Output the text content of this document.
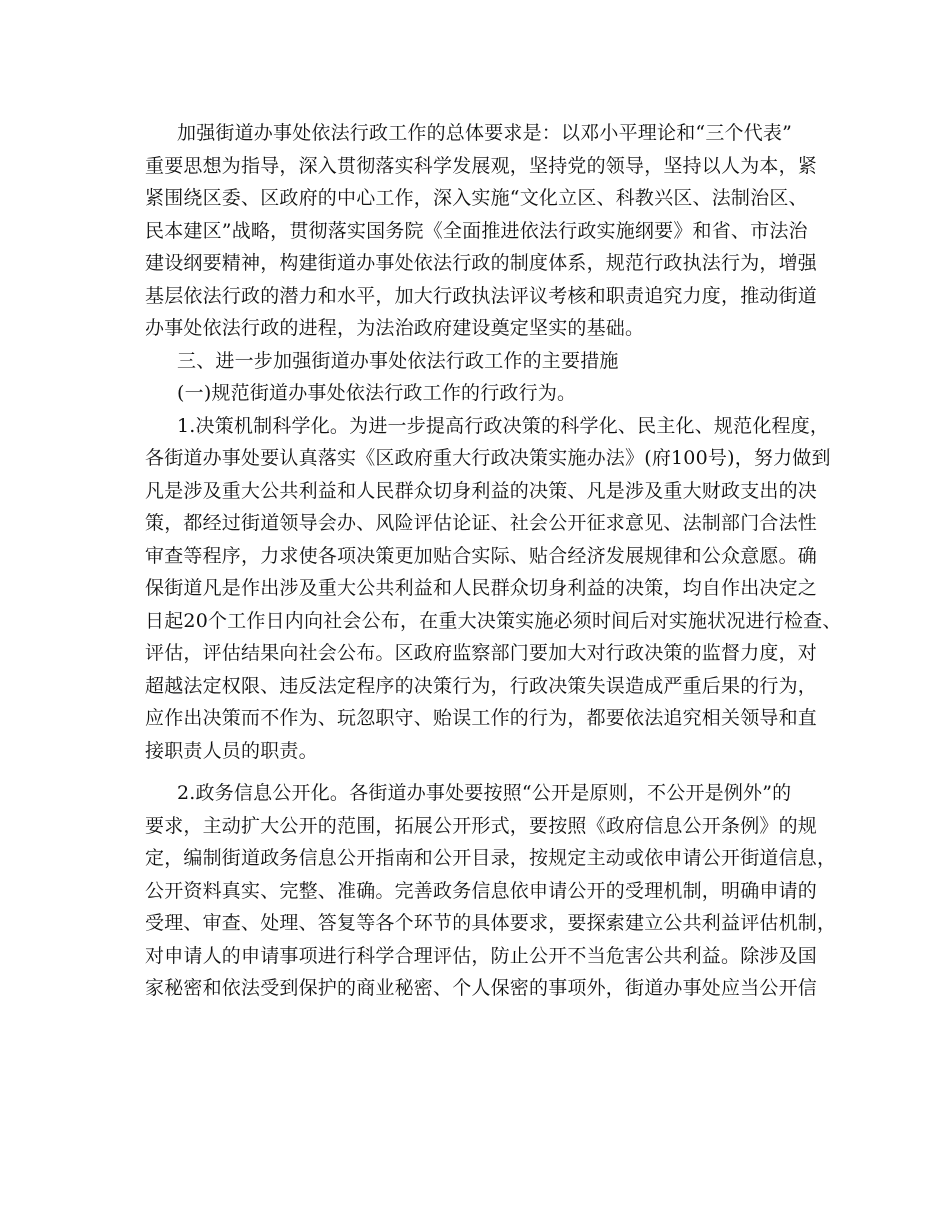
加强街道办事处依法行政工作的总体要求是：以邓小平理论和“三个代表”
重要思想为指导，深入贯彻落实科学发展观，坚持党的领导，坚持以人为本，紧
紧围绕区委、区政府的中心工作，深入实施“文化立区、科教兴区、法制治区、
民本建区”战略，贯彻落实国务院《全面推进依法行政实施纲要》和省、市法治
建设纲要精神，构建街道办事处依法行政的制度体系，规范行政执法行为，增强
基层依法行政的潜力和水平，加大行政执法评议考核和职责追究力度，推动街道
办事处依法行政的进程，为法治政府建设奠定坚实的基础。
三、进一步加强街道办事处依法行政工作的主要措施
(一)规范街道办事处依法行政工作的行政行为。
1.决策机制科学化。为进一步提高行政决策的科学化、民主化、规范化程度，
各街道办事处要认真落实《区政府重大行政决策实施办法》(府100号)，努力做到
凡是涉及重大公共利益和人民群众切身利益的决策、凡是涉及重大财政支出的决
策，都经过街道领导会办、风险评估论证、社会公开征求意见、法制部门合法性
审查等程序，力求使各项决策更加贴合实际、贴合经济发展规律和公众意愿。确
保街道凡是作出涉及重大公共利益和人民群众切身利益的决策，均自作出决定之
日起20个工作日内向社会公布，在重大决策实施必须时间后对实施状况进行检查、
评估，评估结果向社会公布。区政府监察部门要加大对行政决策的监督力度，对
超越法定权限、违反法定程序的决策行为，行政决策失误造成严重后果的行为，
应作出决策而不作为、玩忽职守、贻误工作的行为，都要依法追究相关领导和直
接职责人员的职责。
2.政务信息公开化。各街道办事处要按照“公开是原则，不公开是例外”的
要求，主动扩大公开的范围，拓展公开形式，要按照《政府信息公开条例》的规
定，编制街道政务信息公开指南和公开目录，按规定主动或依申请公开街道信息，
公开资料真实、完整、准确。完善政务信息依申请公开的受理机制，明确申请的
受理、审查、处理、答复等各个环节的具体要求，要探索建立公共利益评估机制，
对申请人的申请事项进行科学合理评估，防止公开不当危害公共利益。除涉及国
家秘密和依法受到保护的商业秘密、个人保密的事项外，街道办事处应当公开信
